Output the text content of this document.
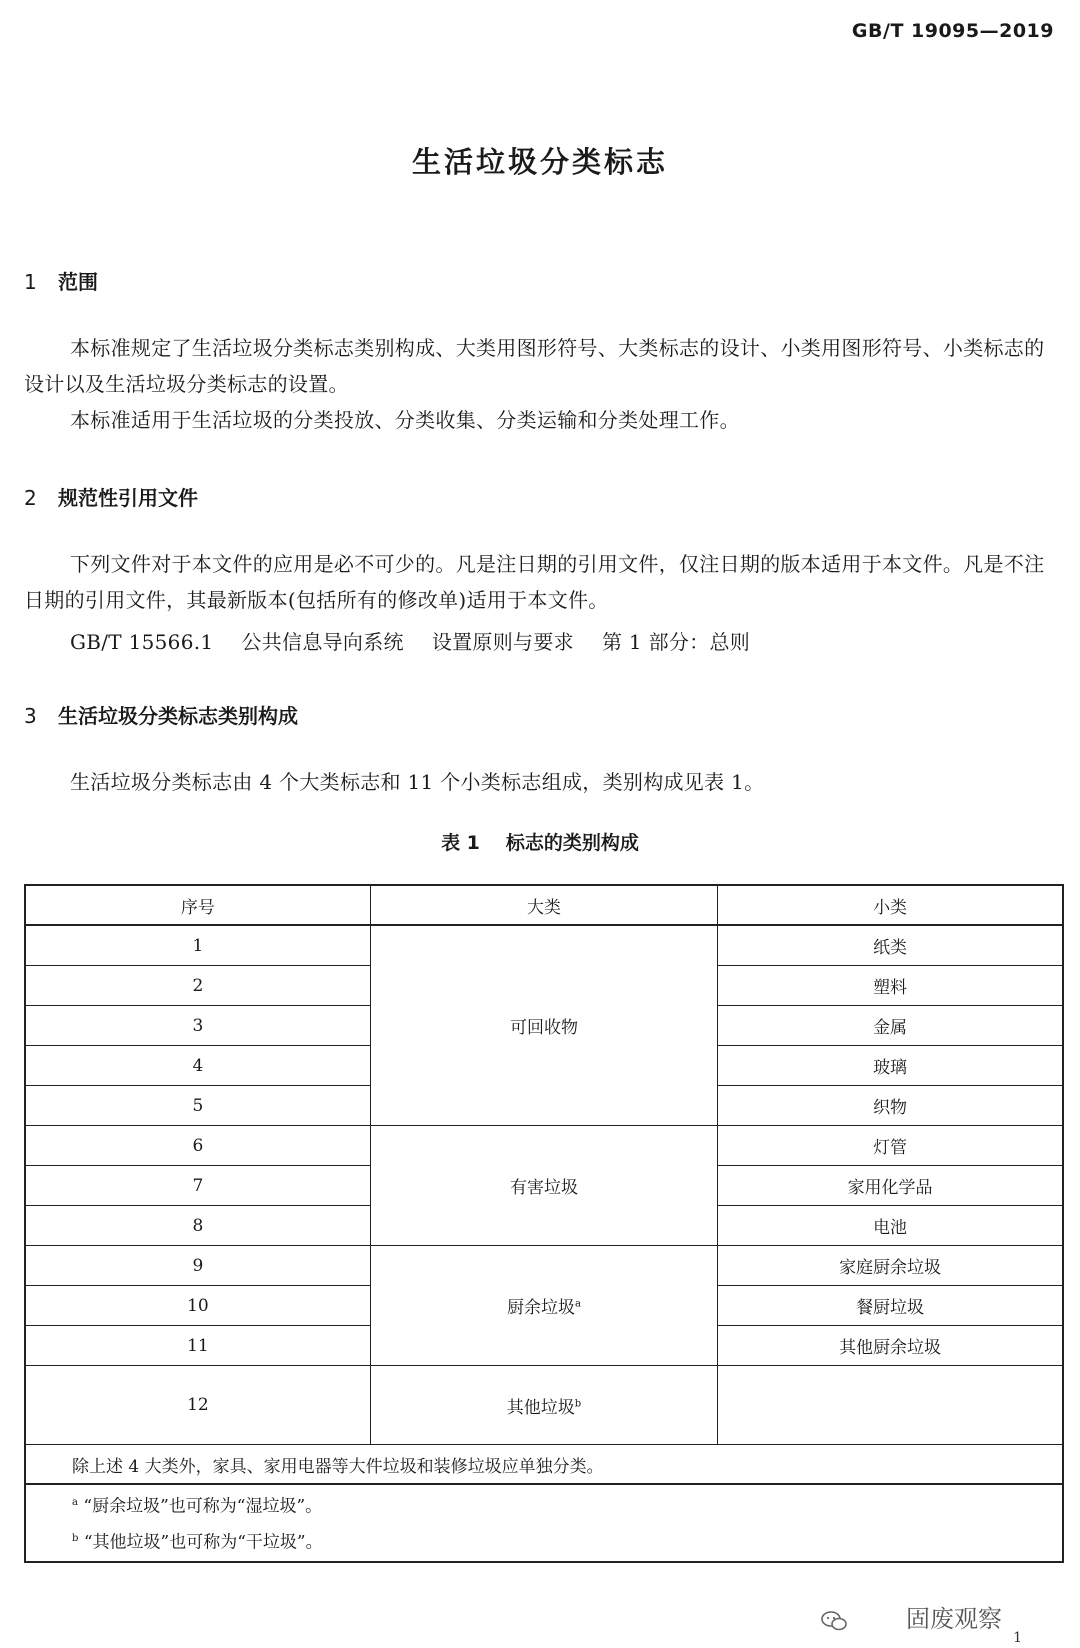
GB/T 19095—2019
生活垃圾分类标志
1 范围
本标准规定了生活垃圾分类标志类别构成、大类用图形符号、大类标志的设计、小类用图形符号、小类标志的设计以及生活垃圾分类标志的设置。
本标准适用于生活垃圾的分类投放、分类收集、分类运输和分类处理工作。
2 规范性引用文件
下列文件对于本文件的应用是必不可少的。凡是注日期的引用文件，仅注日期的版本适用于本文件。凡是不注日期的引用文件，其最新版本(包括所有的修改单)适用于本文件。
GB/T 15566.1 公共信息导向系统 设置原则与要求 第 1 部分：总则
3 生活垃圾分类标志类别构成
生活垃圾分类标志由 4 个大类标志和 11 个小类标志组成，类别构成见表 1。
表 1 标志的类别构成
序号	大类	小类
1	可回收物	纸类
2		塑料
3		金属
4		玻璃
5		织物
6	有害垃圾	灯管
7		家用化学品
8		电池
9	厨余垃圾$^a$	家庭厨余垃圾
10		餐厨垃圾
11		其他厨余垃圾
12	其他垃圾$^b$	
除上述 4 大类外，家具、家用电器等大件垃圾和装修垃圾应单独分类。		

$^a$ “厨余垃圾”也可称为“湿垃圾”。
$^b$ “其他垃圾”也可称为“干垃圾”。		
固废观察
1
